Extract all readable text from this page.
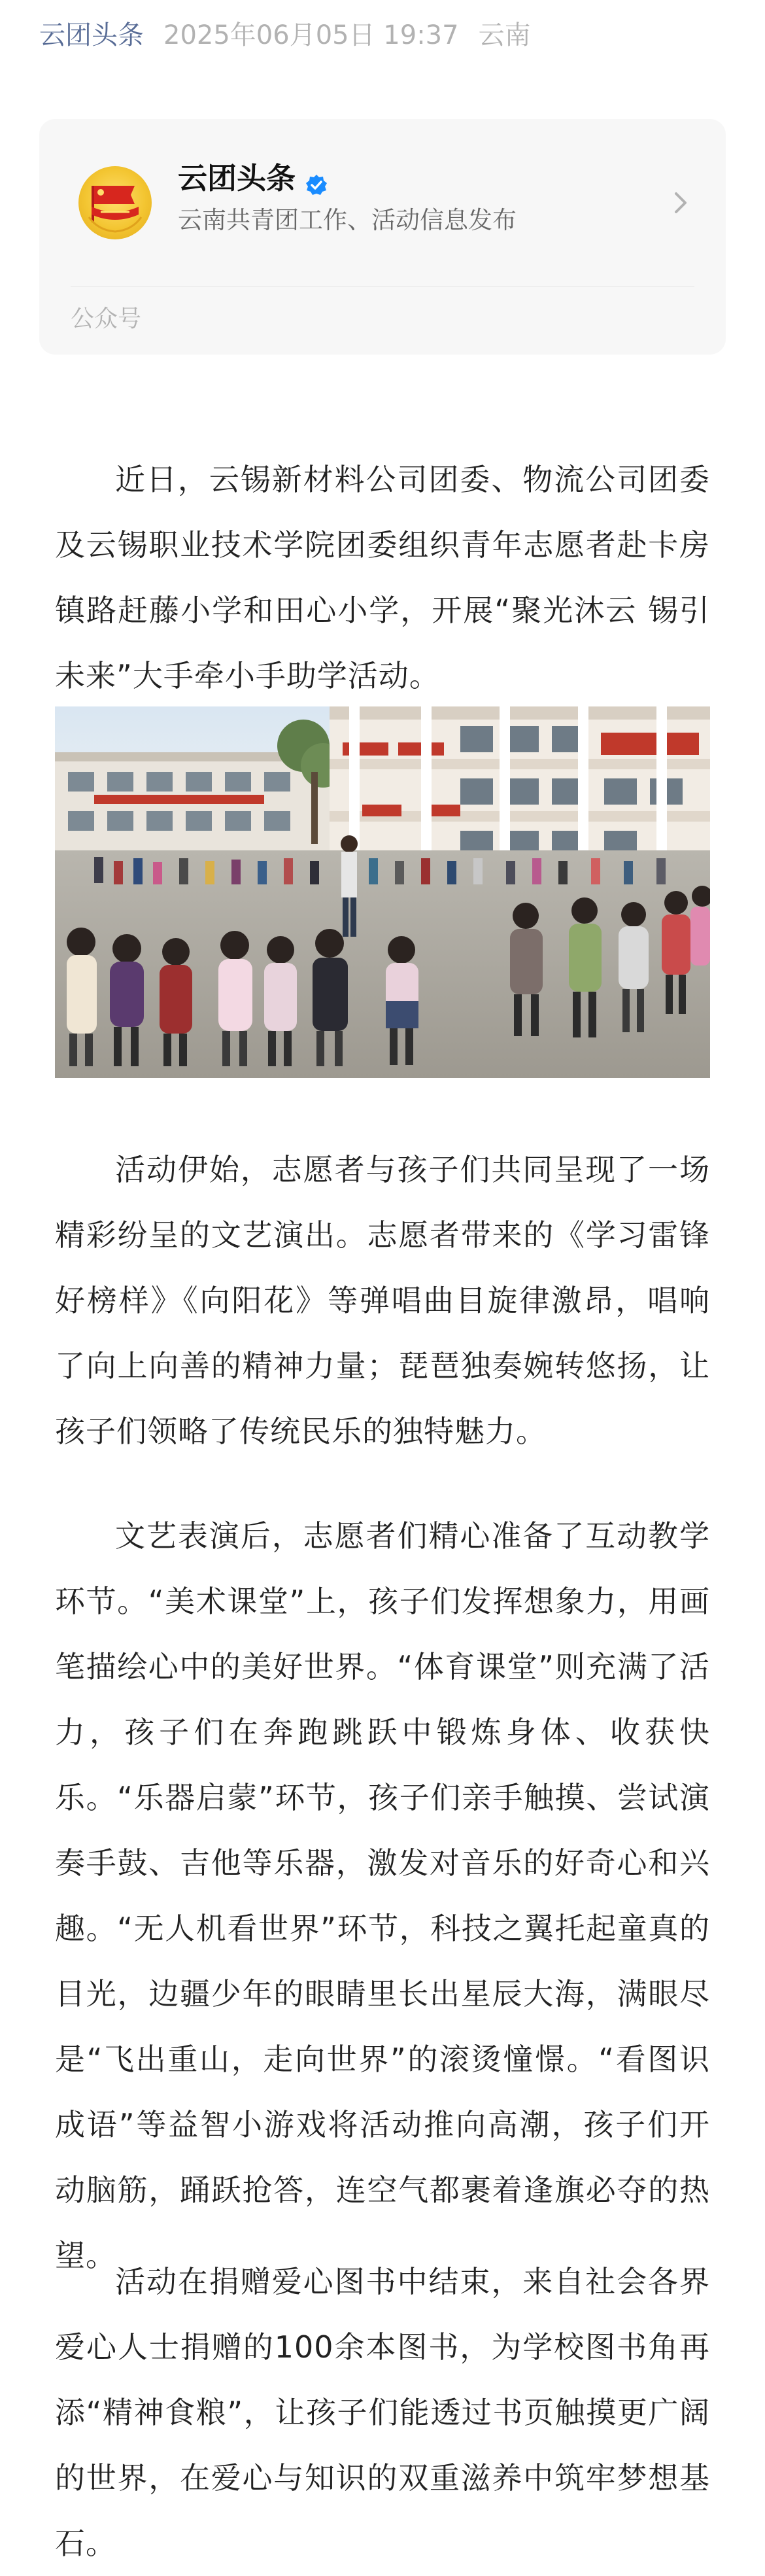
云团头条 2025年06月05日 19:37 云南
云团头条
云南共青团工作、活动信息发布
公众号

近日，云锡新材料公司团委、物流公司团委及云锡职业技术学院团委组织青年志愿者赴卡房镇路赶藤小学和田心小学，开展“聚光沐云 锡引未来”大手牵小手助学活动。

活动伊始，志愿者与孩子们共同呈现了一场精彩纷呈的文艺演出。志愿者带来的《学习雷锋好榜样》《向阳花》等弹唱曲目旋律激昂，唱响了向上向善的精神力量；琵琶独奏婉转悠扬，让孩子们领略了传统民乐的独特魅力。

文艺表演后，志愿者们精心准备了互动教学环节。“美术课堂”上，孩子们发挥想象力，用画笔描绘心中的美好世界。“体育课堂”则充满了活力，孩子们在奔跑跳跃中锻炼身体、收获快乐。“乐器启蒙”环节，孩子们亲手触摸、尝试演奏手鼓、吉他等乐器，激发对音乐的好奇心和兴趣。“无人机看世界”环节，科技之翼托起童真的目光，边疆少年的眼睛里长出星辰大海，满眼尽是“飞出重山，走向世界”的滚烫憧憬。“看图识成语”等益智小游戏将活动推向高潮，孩子们开动脑筋，踊跃抢答，连空气都裹着逢旗必夺的热望。

活动在捐赠爱心图书中结束，来自社会各界爱心人士捐赠的100余本图书，为学校图书角再添“精神食粮”，让孩子们能透过书页触摸更广阔的世界，在爱心与知识的双重滋养中筑牢梦想基石。
